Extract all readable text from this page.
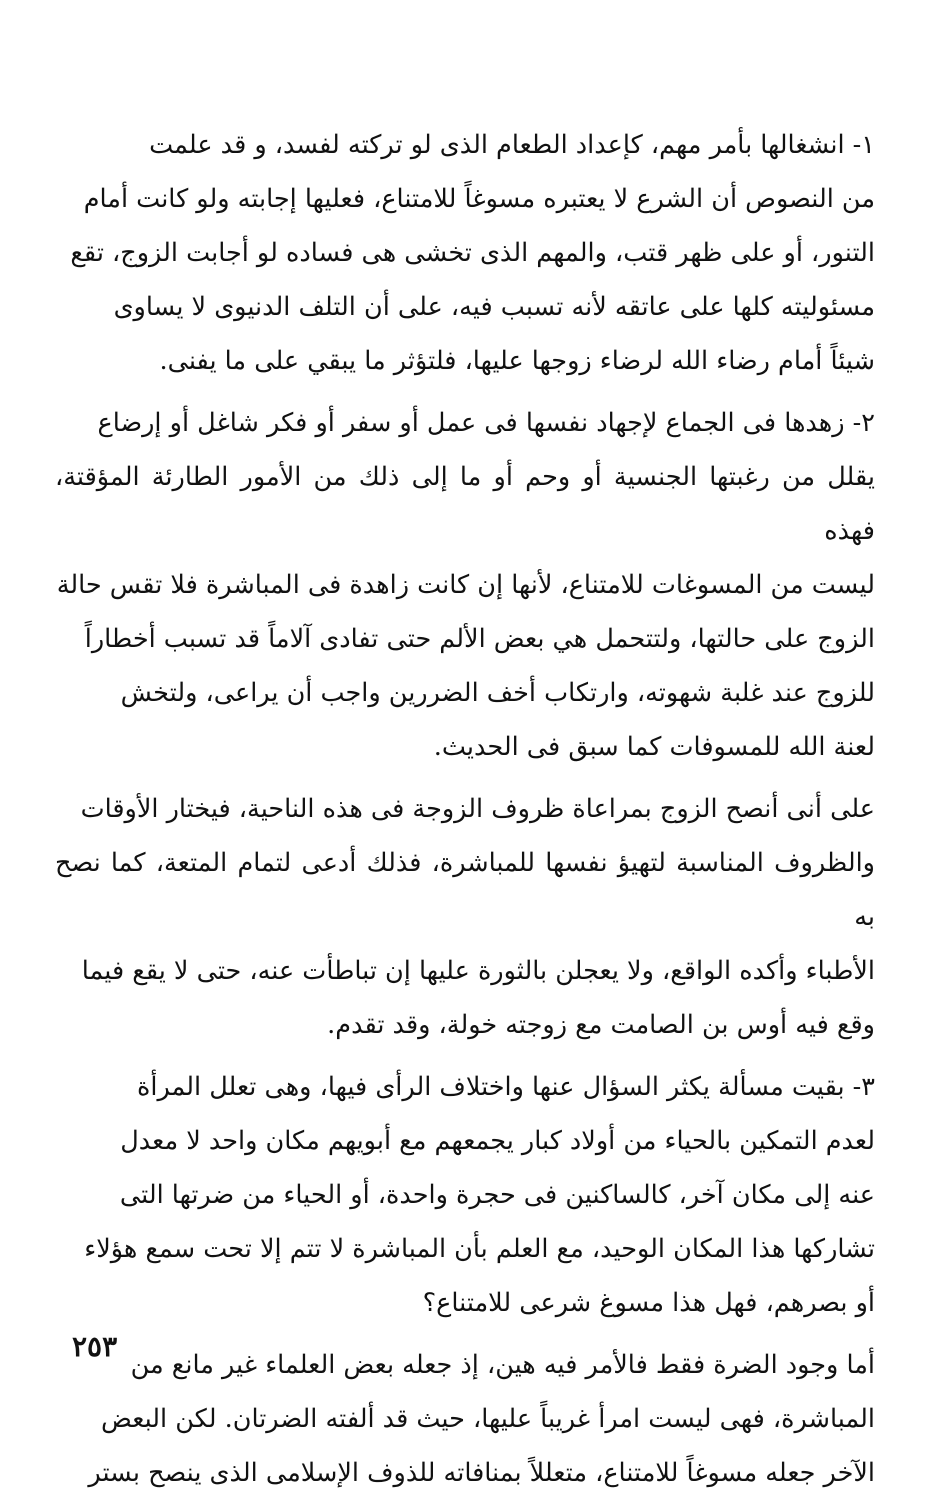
١- انشغالها بأمر مهم، كإعداد الطعام الذى لو تركته لفسد، و قد علمت
من النصوص أن الشرع لا يعتبره مسوغاً للامتناع، فعليها إجابته ولو كانت أمام
التنور، أو على ظهر قتب، والمهم الذى تخشى هى فساده لو أجابت الزوج، تقع
مسئوليته كلها على عاتقه لأنه تسبب فيه، على أن التلف الدنيوى لا يساوى
شيئاً أمام رضاء الله لرضاء زوجها عليها، فلتؤثر ما يبقي على ما يفنى.

٢- زهدها فى الجماع لإجهاد نفسها فى عمل أو سفر أو فكر شاغل أو إرضاع
يقلل من رغبتها الجنسية أو وحم أو ما إلى ذلك من الأمور الطارئة المؤقتة، فهذه
ليست من المسوغات للامتناع، لأنها إن كانت زاهدة فى المباشرة فلا تقس حالة
الزوج على حالتها، ولتتحمل هي بعض الألم حتى تفادى آلاماً قد تسبب أخطاراً
للزوج عند غلبة شهوته، وارتكاب أخف الضررين واجب أن يراعى، ولتخش
لعنة الله للمسوفات كما سبق فى الحديث.

على أنى أنصح الزوج بمراعاة ظروف الزوجة فى هذه الناحية، فيختار الأوقات
والظروف المناسبة لتهيؤ نفسها للمباشرة، فذلك أدعى لتمام المتعة، كما نصح به
الأطباء وأكده الواقع، ولا يعجلن بالثورة عليها إن تباطأت عنه، حتى لا يقع فيما
وقع فيه أوس بن الصامت مع زوجته خولة، وقد تقدم.

٣- بقيت مسألة يكثر السؤال عنها واختلاف الرأى فيها، وهى تعلل المرأة
لعدم التمكين بالحياء من أولاد كبار يجمعهم مع أبويهم مكان واحد لا معدل
عنه إلى مكان آخر، كالساكنين فى حجرة واحدة، أو الحياء من ضرتها التى
تشاركها هذا المكان الوحيد، مع العلم بأن المباشرة لا تتم إلا تحت سمع هؤلاء
أو بصرهم، فهل هذا مسوغ شرعى للامتناع؟

أما وجود الضرة فقط فالأمر فيه هين، إذ جعله بعض العلماء غير مانع من
المباشرة، فهى ليست امرأ غريباً عليها، حيث قد ألفته الضرتان. لكن البعض
الآخر جعله مسوغاً للامتناع، متعللاً بمنافاته للذوف الإسلامى الذى ينصح بستر

٢٥٣
